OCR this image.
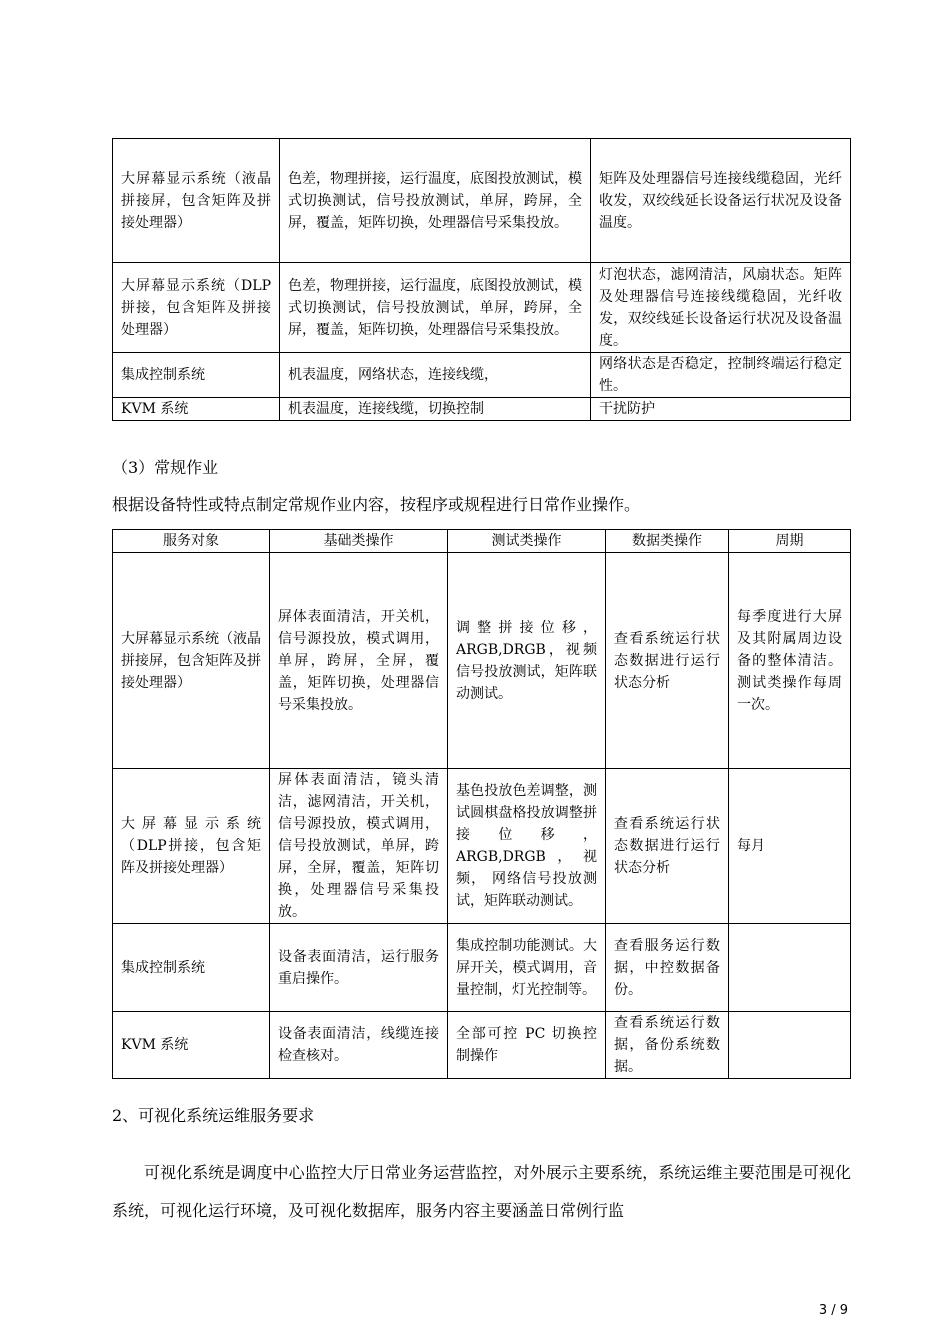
大屏幕显示系统（液晶拼接屏，包含矩阵及拼接处理器）	色差，物理拼接，运行温度，底图投放测试，模式切换测试，信号投放测试，单屏，跨屏，全屏，覆盖，矩阵切换，处理器信号采集投放。	矩阵及处理器信号连接线缆稳固，光纤收发，双绞线延长设备运行状况及设备温度。
大屏幕显示系统（DLP 拼接，包含矩阵及拼接处理器）	色差，物理拼接，运行温度，底图投放测试，模式切换测试，信号投放测试，单屏，跨屏，全屏，覆盖，矩阵切换，处理器信号采集投放。	灯泡状态，滤网清洁，风扇状态。矩阵及处理器信号连接线缆稳固，光纤收发，双绞线延长设备运行状况及设备温度。
集成控制系统	机表温度，网络状态，连接线缆，	网络状态是否稳定，控制终端运行稳定性。
KVM 系统	机表温度，连接线缆，切换控制	干扰防护
（3）常规作业
根据设备特性或特点制定常规作业内容，按程序或规程进行日常作业操作。
服务对象	基础类操作	测试类操作	数据类操作	周期
大屏幕显示系统（液晶拼接屏，包含矩阵及拼接处理器）	屏体表面清洁，开关机，信号源投放，模式调用，单屏，跨屏，全屏，覆盖，矩阵切换，处理器信号采集投放。	调整拼接位移，ARGB,DRGB，视频信号投放测试，矩阵联动测试。	查看系统运行状态数据进行运行状态分析	每季度进行大屏及其附属周边设备的整体清洁。测试类操作每周一次。
大屏幕显示系统（DLP拼接，包含矩阵及拼接处理器）	屏体表面清洁，镜头清洁，滤网清洁，开关机，信号源投放，模式调用，信号投放测试，单屏，跨屏，全屏，覆盖，矩阵切换，处理器信号采集投放。	基色投放色差调整，测试圆棋盘格投放调整拼接位移， ARGB,DRGB，视频， 网络信号投放测试，矩阵联动测试。	查看系统运行状态数据进行运行状态分析	每月
集成控制系统	设备表面清洁，运行服务重启操作。	集成控制功能测试。大屏开关，模式调用，音量控制，灯光控制等。	查看服务运行数据，中控数据备份。	
KVM 系统	设备表面清洁，线缆连接检查核对。	全部可控 PC 切换控制操作	查看系统运行数据，备份系统数据。	
2、可视化系统运维服务要求
可视化系统是调度中心监控大厅日常业务运营监控，对外展示主要系统，系统运维主要范围是可视化系统，可视化运行环境，及可视化数据库，服务内容主要涵盖日常例行监
3 / 9
